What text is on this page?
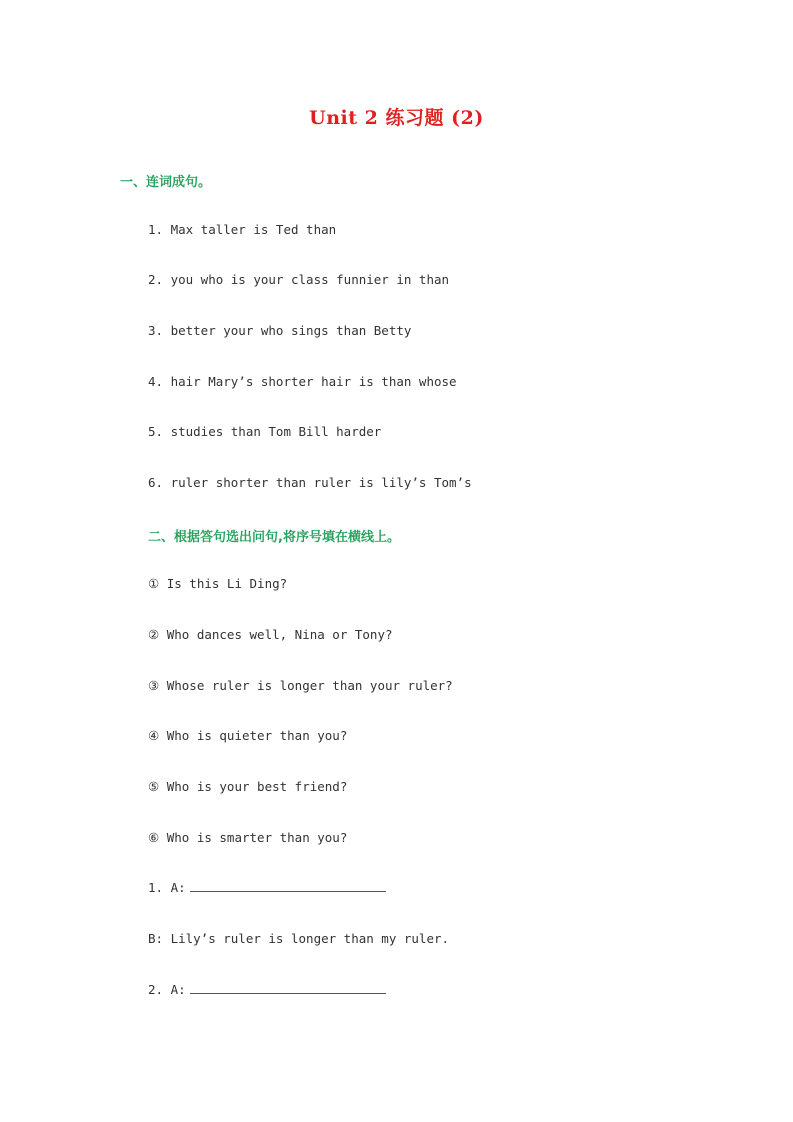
Unit 2 练习题 (2)
一、连词成句。
1. Max taller is Ted than
2. you who is your class funnier in than
3. better your who sings than Betty
4. hair Mary’s shorter hair is than whose
5. studies than Tom Bill harder
6. ruler shorter than ruler is lily’s Tom’s
二、根据答句选出问句,将序号填在横线上。
① Is this Li Ding?
② Who dances well, Nina or Tony?
③ Whose ruler is longer than your ruler?
④ Who is quieter than you?
⑤ Who is your best friend?
⑥ Who is smarter than you?
1. A:
B: Lily’s ruler is longer than my ruler.
2. A:
